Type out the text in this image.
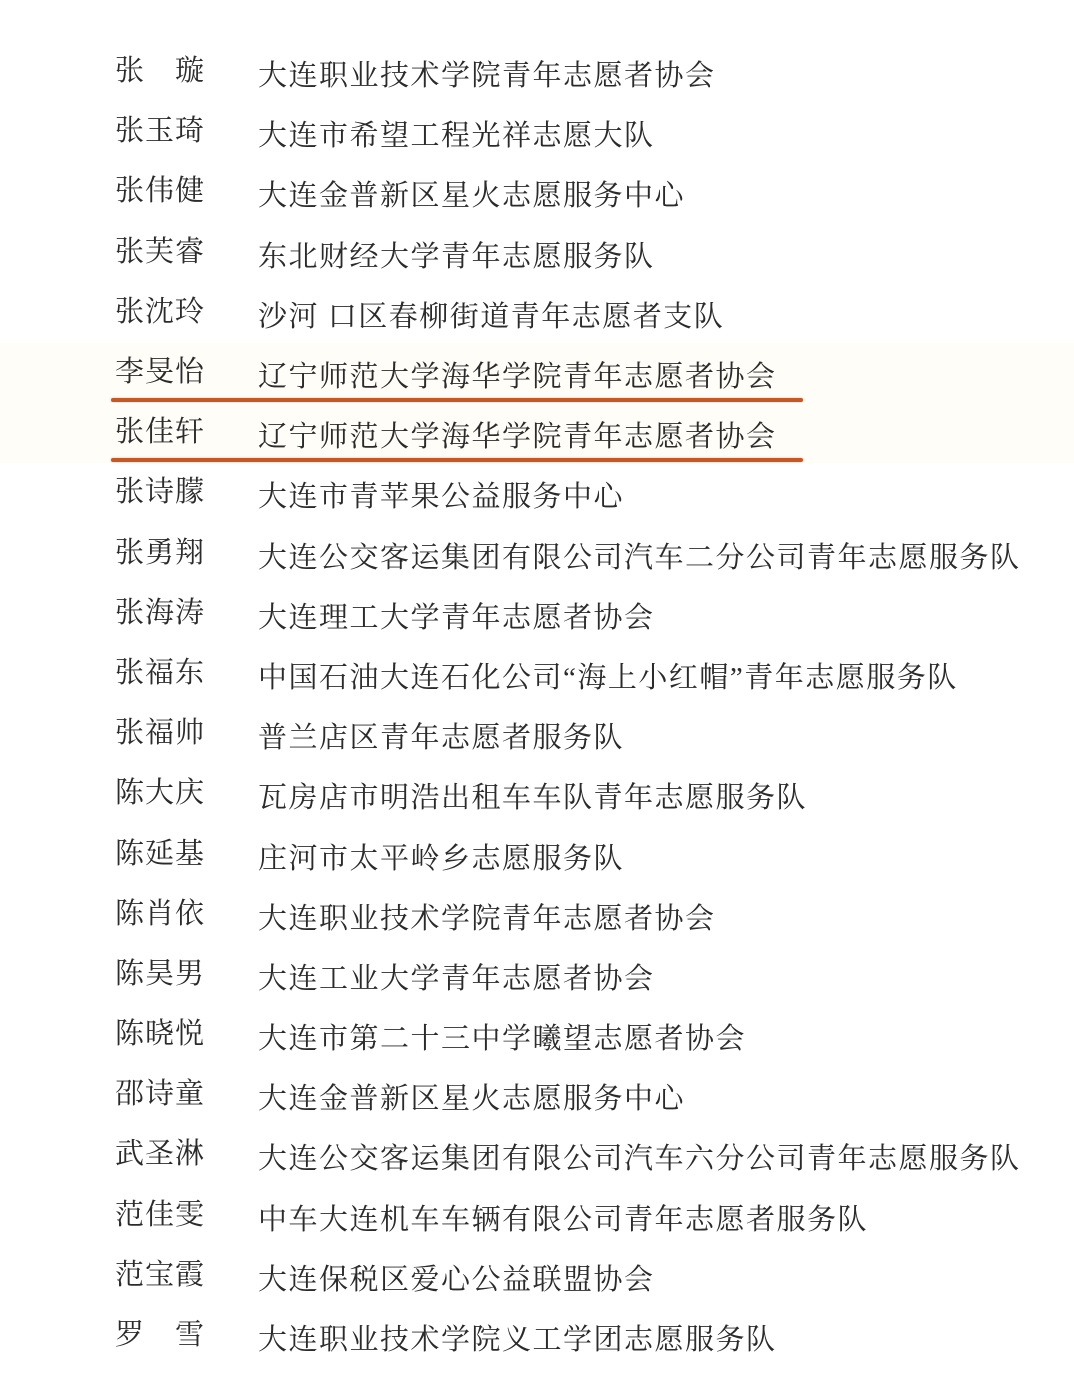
张　璇	大连职业技术学院青年志愿者协会
张玉琦	大连市希望工程光祥志愿大队
张伟健	大连金普新区星火志愿服务中心
张芙睿	东北财经大学青年志愿服务队
张沈玲	沙河 口区春柳街道青年志愿者支队
李旻怡	辽宁师范大学海华学院青年志愿者协会
张佳轩	辽宁师范大学海华学院青年志愿者协会
张诗朦	大连市青苹果公益服务中心
张勇翔	大连公交客运集团有限公司汽车二分公司青年志愿服务队
张海涛	大连理工大学青年志愿者协会
张福东	中国石油大连石化公司“海上小红帽”青年志愿服务队
张福帅	普兰店区青年志愿者服务队
陈大庆	瓦房店市明浩出租车车队青年志愿服务队
陈延基	庄河市太平岭乡志愿服务队
陈肖依	大连职业技术学院青年志愿者协会
陈昊男	大连工业大学青年志愿者协会
陈晓悦	大连市第二十三中学曦望志愿者协会
邵诗童	大连金普新区星火志愿服务中心
武圣淋	大连公交客运集团有限公司汽车六分公司青年志愿服务队
范佳雯	中车大连机车车辆有限公司青年志愿者服务队
范宝霞	大连保税区爱心公益联盟协会
罗　雪	大连职业技术学院义工学团志愿服务队
